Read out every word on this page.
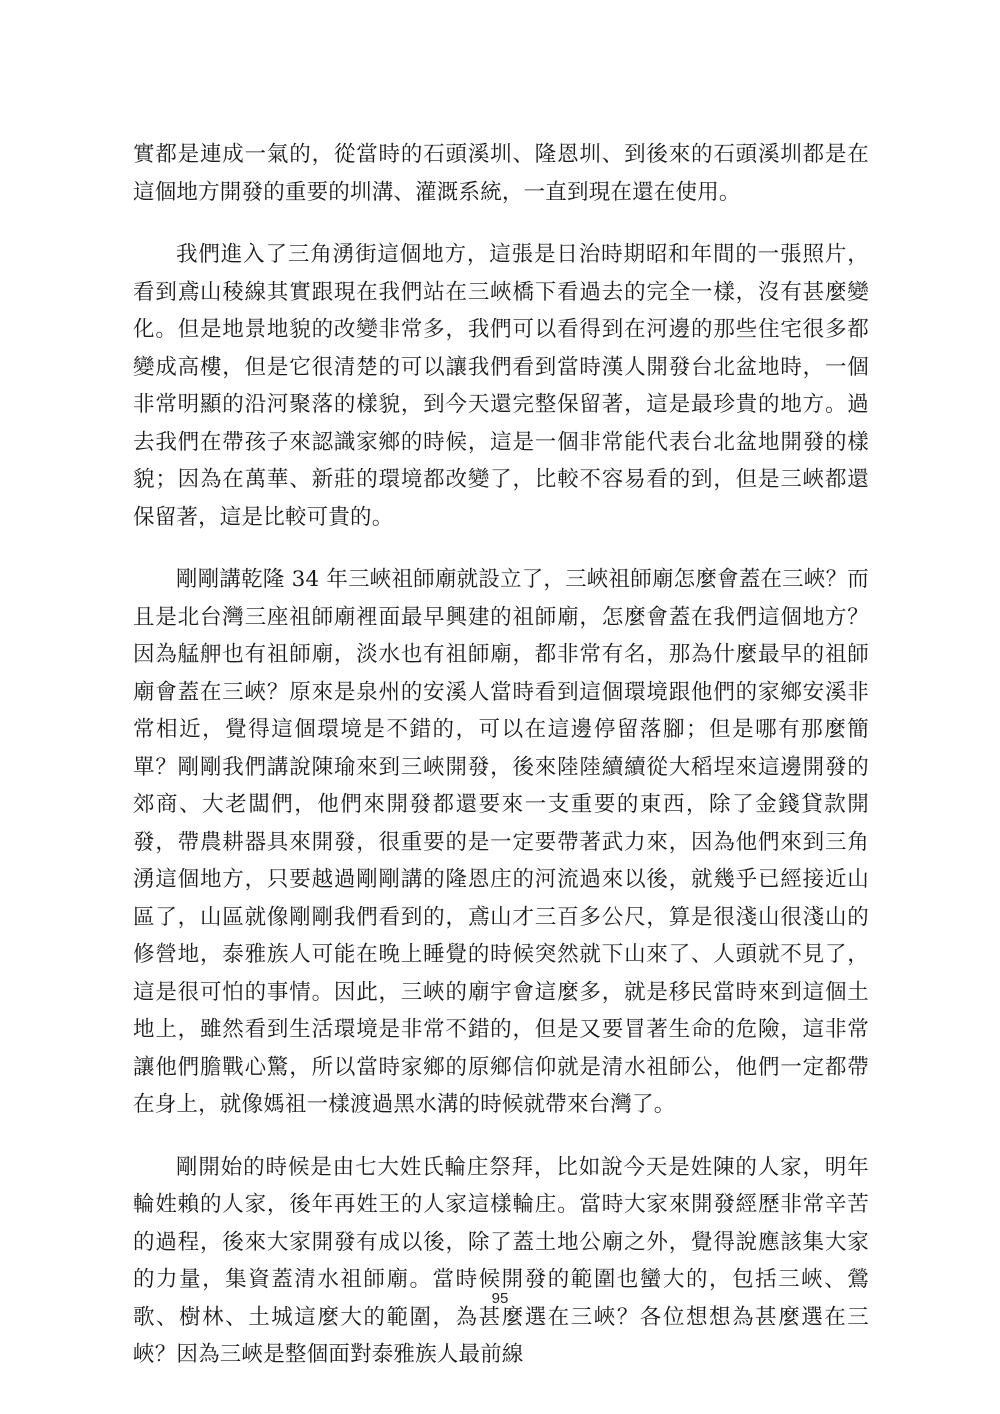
實都是連成一氣的，從當時的石頭溪圳、隆恩圳、到後來的石頭溪圳都是在這個地方開發的重要的圳溝、灌溉系統，一直到現在還在使用。

我們進入了三角湧街這個地方，這張是日治時期昭和年間的一張照片，看到鳶山稜線其實跟現在我們站在三峽橋下看過去的完全一樣，沒有甚麼變化。但是地景地貌的改變非常多，我們可以看得到在河邊的那些住宅很多都變成高樓，但是它很清楚的可以讓我們看到當時漢人開發台北盆地時，一個非常明顯的沿河聚落的樣貌，到今天還完整保留著，這是最珍貴的地方。過去我們在帶孩子來認識家鄉的時候，這是一個非常能代表台北盆地開發的樣貌；因為在萬華、新莊的環境都改變了，比較不容易看的到，但是三峽都還保留著，這是比較可貴的。

剛剛講乾隆 34 年三峽祖師廟就設立了，三峽祖師廟怎麼會蓋在三峽？而且是北台灣三座祖師廟裡面最早興建的祖師廟，怎麼會蓋在我們這個地方？因為艋舺也有祖師廟，淡水也有祖師廟，都非常有名，那為什麼最早的祖師廟會蓋在三峽？原來是泉州的安溪人當時看到這個環境跟他們的家鄉安溪非常相近，覺得這個環境是不錯的，可以在這邊停留落腳；但是哪有那麼簡單？剛剛我們講說陳瑜來到三峽開發，後來陸陸續續從大稻埕來這邊開發的郊商、大老闆們，他們來開發都還要來一支重要的東西，除了金錢貸款開發，帶農耕器具來開發，很重要的是一定要帶著武力來，因為他們來到三角湧這個地方，只要越過剛剛講的隆恩庄的河流過來以後，就幾乎已經接近山區了，山區就像剛剛我們看到的，鳶山才三百多公尺，算是很淺山很淺山的修營地，泰雅族人可能在晚上睡覺的時候突然就下山來了、人頭就不見了，這是很可怕的事情。因此，三峽的廟宇會這麼多，就是移民當時來到這個土地上，雖然看到生活環境是非常不錯的，但是又要冒著生命的危險，這非常讓他們膽戰心驚，所以當時家鄉的原鄉信仰就是清水祖師公，他們一定都帶在身上，就像媽祖一樣渡過黑水溝的時候就帶來台灣了。

剛開始的時候是由七大姓氏輪庄祭拜，比如說今天是姓陳的人家，明年輪姓賴的人家，後年再姓王的人家這樣輪庄。當時大家來開發經歷非常辛苦的過程，後來大家開發有成以後，除了蓋土地公廟之外，覺得說應該集大家的力量，集資蓋清水祖師廟。當時候開發的範圍也蠻大的，包括三峽、鶯歌、樹林、土城這麼大的範圍，為甚麼選在三峽？各位想想為甚麼選在三峽？因為三峽是整個面對泰雅族人最前線

95
